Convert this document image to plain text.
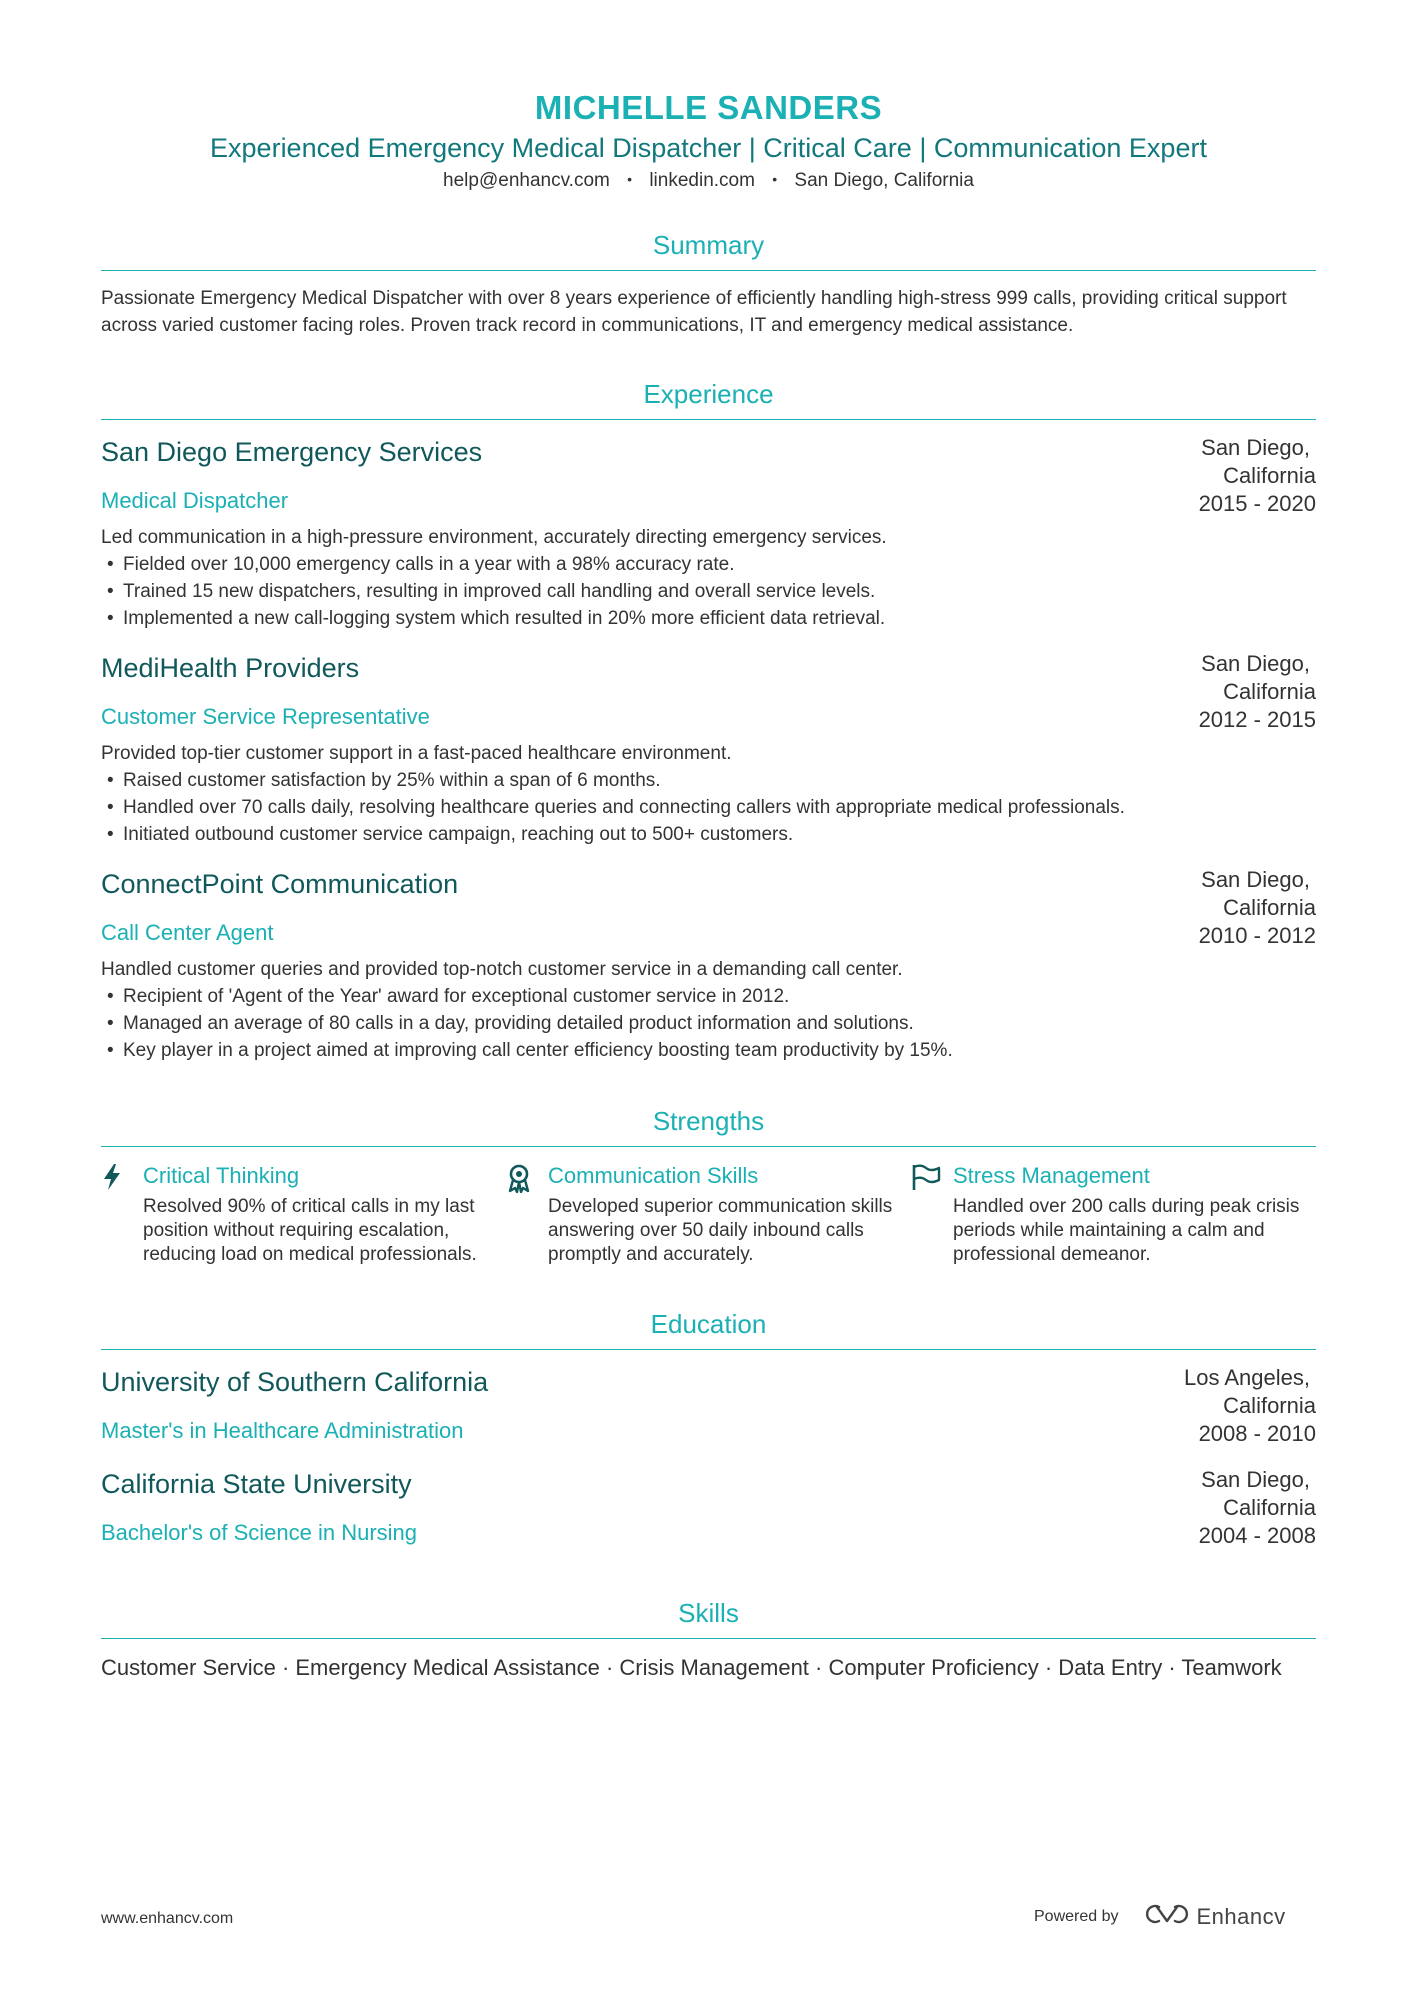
MICHELLE SANDERS
Experienced Emergency Medical Dispatcher | Critical Care | Communication Expert
help@enhancv.com • linkedin.com • San Diego, California
Summary
Passionate Emergency Medical Dispatcher with over 8 years experience of efficiently handling high-stress 999 calls, providing critical support across varied customer facing roles. Proven track record in communications, IT and emergency medical assistance.
Experience
San Diego Emergency Services
Medical Dispatcher
San Diego,
California
2015 - 2020
Led communication in a high-pressure environment, accurately directing emergency services.
• Fielded over 10,000 emergency calls in a year with a 98% accuracy rate.
• Trained 15 new dispatchers, resulting in improved call handling and overall service levels.
• Implemented a new call-logging system which resulted in 20% more efficient data retrieval.
MediHealth Providers
Customer Service Representative
San Diego,
California
2012 - 2015
Provided top-tier customer support in a fast-paced healthcare environment.
• Raised customer satisfaction by 25% within a span of 6 months.
• Handled over 70 calls daily, resolving healthcare queries and connecting callers with appropriate medical professionals.
• Initiated outbound customer service campaign, reaching out to 500+ customers.
ConnectPoint Communication
Call Center Agent
San Diego,
California
2010 - 2012
Handled customer queries and provided top-notch customer service in a demanding call center.
• Recipient of 'Agent of the Year' award for exceptional customer service in 2012.
• Managed an average of 80 calls in a day, providing detailed product information and solutions.
• Key player in a project aimed at improving call center efficiency boosting team productivity by 15%.
Strengths
Critical Thinking
Resolved 90% of critical calls in my last position without requiring escalation, reducing load on medical professionals.
Communication Skills
Developed superior communication skills answering over 50 daily inbound calls promptly and accurately.
Stress Management
Handled over 200 calls during peak crisis periods while maintaining a calm and professional demeanor.
Education
University of Southern California
Master's in Healthcare Administration
Los Angeles,
California
2008 - 2010
California State University
Bachelor's of Science in Nursing
San Diego,
California
2004 - 2008
Skills
Customer Service · Emergency Medical Assistance · Crisis Management · Computer Proficiency · Data Entry · Teamwork
www.enhancv.com	Powered by	Enhancv
